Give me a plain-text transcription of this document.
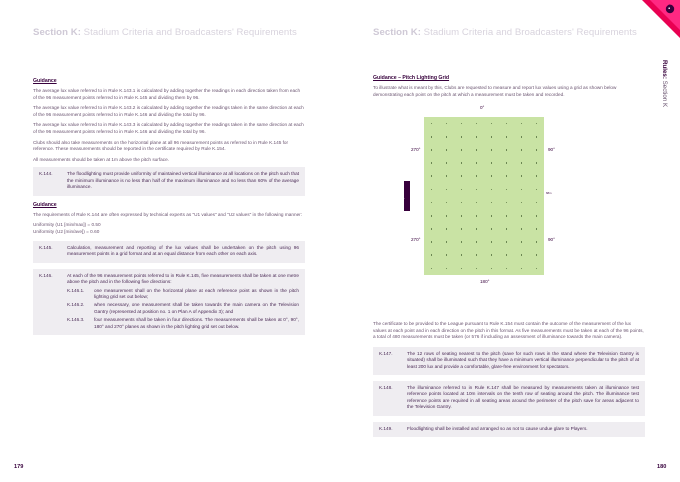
Section K: Stadium Criteria and Broadcasters' Requirements
Guidance

The average lux value referred to in Rule K.143.1 is calculated by adding together the readings in each direction taken from each of the 96 measurement points referred to in Rule K.145 and dividing them by 96.

The average lux value referred to in Rule K.143.2 is calculated by adding together the readings taken in the same direction at each of the 96 measurement points referred to in Rule K.146 and dividing the total by 96.

The average lux value referred to in Rule K.143.3 is calculated by adding together the readings taken in the same direction at each of the 96 measurement points referred to in Rule K.146 and dividing the total by 96.

Clubs should also take measurements on the horizontal plane at all 96 measurement points as referred to in Rule K.145 for reference. These measurements should be reported in the certificate required by Rule K.154.

All measurements should be taken at 1m above the pitch surface.

K.144.	The floodlighting must provide uniformity of maintained vertical illuminance at all locations on the pitch such that the minimum illuminance is no less than half of the maximum illuminance and no less than 60% of the average illuminance.
Guidance

The requirements of Rule K.144 are often expressed by technical experts as "U1 values" and "U2 values" in the following manner:

Uniformity (U1 [min/max]) = 0.50
Uniformity (U2 [min/ave]) = 0.60
K.145.	Calculation, measurement and reporting of the lux values shall be undertaken on the pitch using 96 measurement points in a grid format and at an equal distance from each other on each axis.
K.146.	At each of the 96 measurement points referred to in Rule K.145, five measurements shall be taken at one metre above the pitch and in the following five directions:
K.146.1.	one measurement shall on the horizontal plane at each reference point as shown in the pitch lighting grid set out below;
K.146.2.	when necessary, one measurement shall be taken towards the main camera on the Television Gantry (represented at position no. 1 on Plan A of Appendix 3); and
K.146.3.	four measurements shall be taken in four directions. The measurements shall be taken at 0°, 90°, 180° and 270° planes as shown in the pitch lighting grid set out below.
179
Section K: Stadium Criteria and Broadcasters' Requirements
Guidance – Pitch Lighting Grid

To illustrate what is meant by this, Clubs are requested to measure and report lux values using a grid as shown below demonstrating each point on the pitch at which a measurement must be taken and recorded.

180
Rules: Section K
0°
270°	90°
270°	90°
180°
68m
TV Gantry Main Cam

The certificate to be provided to the League pursuant to Rule K.154 must contain the outcome of the measurement of the lux values at each point and in each direction on the pitch in this format. As five measurements must be taken at each of the 96 points, a total of 480 measurements must be taken (or 576 if including an assessment of illuminance towards the main camera).

K.147.	The 12 rows of seating nearest to the pitch (save for such rows in the stand where the Television Gantry is situated) shall be illuminated such that they have a minimum vertical illuminance perpendicular to the pitch of at least 200 lux and provide a comfortable, glare-free environment for spectators.
K.148.	The illuminance referred to in Rule K.147 shall be measured by measurements taken at illuminance test reference points located at 10m intervals on the tenth row of seating around the pitch. The illuminance test reference points are required in all seating areas around the perimeter of the pitch save for areas adjacent to the Television Gantry.
K.149.	Floodlighting shall be installed and arranged so as not to cause undue glare to Players.
